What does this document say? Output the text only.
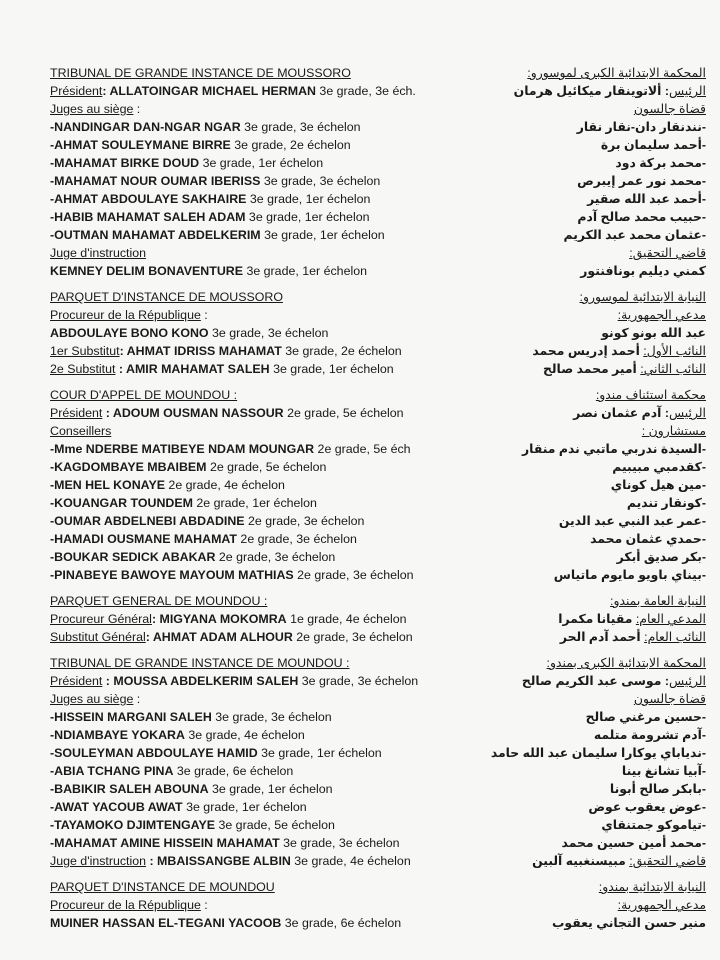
TRIBUNAL DE GRANDE INSTANCE DE MOUSSORO
Président: ALLATOINGAR MICHAEL HERMAN 3e grade, 3e éch.
Juges au siège :
-NANDINGAR DAN-NGAR NGAR 3e grade, 3e échelon
-AHMAT SOULEYMANE BIRRE 3e grade, 2e échelon
-MAHAMAT BIRKE DOUD 3e grade, 1er échelon
-MAHAMAT NOUR OUMAR IBERISS 3e grade, 3e échelon
-AHMAT ABDOULAYE SAKHAIRE 3e grade, 1er échelon
-HABIB MAHAMAT SALEH ADAM 3e grade, 1er échelon
-OUTMAN MAHAMAT ABDELKERIM 3e grade, 1er échelon
Juge d'instruction
KEMNEY DELIM BONAVENTURE 3e grade, 1er échelon
PARQUET D'INSTANCE DE MOUSSORO
Procureur de la République :
ABDOULAYE BONO KONO 3e grade, 3e échelon
1er Substitut: AHMAT IDRISS MAHAMAT 3e grade, 2e échelon
2e Substitut : AMIR MAHAMAT SALEH 3e grade, 1er échelon
COUR D'APPEL DE MOUNDOU :
Président : ADOUM OUSMAN NASSOUR 2e grade, 5e échelon
Conseillers
-Mme NDERBE MATIBEYE NDAM MOUNGAR 2e grade, 5e éch
-KAGDOMBAYE MBAIBEM 2e grade, 5e échelon
-MEN HEL KONAYE 2e grade, 4e échelon
-KOUANGAR TOUNDEM 2e grade, 1er échelon
-OUMAR ABDELNEBI ABDADINE 2e grade, 3e échelon
-HAMADI OUSMANE MAHAMAT 2e grade, 3e échelon
-BOUKAR SEDICK ABAKAR 2e grade, 3e échelon
-PINABEYE BAWOYE MAYOUM MATHIAS 2e grade, 3e échelon
PARQUET GENERAL DE MOUNDOU :
Procureur Général: MIGYANA MOKOMRA 1e grade, 4e échelon
Substitut Général: AHMAT ADAM ALHOUR 2e grade, 3e échelon
TRIBUNAL DE GRANDE INSTANCE DE MOUNDOU :
Président : MOUSSA ABDELKERIM SALEH 3e grade, 3e échelon
Juges au siège :
-HISSEIN MARGANI SALEH 3e grade, 3e échelon
-NDIAMBAYE YOKARA 3e grade, 4e échelon
-SOULEYMAN ABDOULAYE HAMID 3e grade, 1er échelon
-ABIA TCHANG PINA 3e grade, 6e échelon
-BABIKIR SALEH ABOUNA 3e grade, 1er échelon
-AWAT YACOUB AWAT 3e grade, 1er échelon
-TAYAMOKO DJIMTENGAYE 3e grade, 5e échelon
-MAHAMAT AMINE HISSEIN MAHAMAT 3e grade, 3e échelon
Juge d'instruction : MBAISSANGBE ALBIN 3e grade, 4e échelon
PARQUET D'INSTANCE DE MOUNDOU
Procureur de la République :
MUINER HASSAN EL-TEGANI YACOOB 3e grade, 6e échelon
المحكمة الابتدائية الكبرى لموسورو:
الرئيس: ألاتوينقار ميكائيل هرمان
قضاة جالسون
-نندنقار دان-نقار نقار
-أحمد سليمان برة
-محمد بركة دود
-محمد نور عمر إيبرص
-أحمد عبد الله صقير
-حبيب محمد صالح آدم
-عثمان محمد عبد الكريم
قاضي التحقيق:
كمني ديليم بونافنتور
النيابة الابتدائية لموسورو:
مدعي الجمهورية:
عبد الله بونو كونو
النائب الأول: أحمد إدريس محمد
النائب الثاني: أمير محمد صالح
محكمة استئناف مندو:
الرئيس: آدم عثمان نصر
مستشارون :
-السيدة ندربي ماتبي ندم منقار
-كقدمبي مبيبيم
-مين هيل كوناي
-كونقار تنديم
-عمر عبد النبي عبد الدين
-حمدي عثمان محمد
-بكر صديق أبكر
-بيناي باويو مايوم ماتياس
النيابة العامة بمندو:
المدعي العام: مقيانا مكمرا
النائب العام: أحمد آدم الحر
المحكمة الابتدائية الكبرى بمندو:
الرئيس: موسى عبد الكريم صالح
قضاة جالسون
-حسين مرغني صالح
-آدم تشرومة متلمه
-ندياباي يوكارا سليمان عبد الله حامد
-آبيا تشانغ بينا
-بابكر صالح أبونا
-عوض يعقوب عوض
-تياموكو جمتنقاي
-محمد أمين حسين محمد
قاضي التحقيق: مبيسنغبيه آلبين
النيابة الابتدائية بمندو:
مدعي الجمهورية:
منير حسن التجاني يعقوب
